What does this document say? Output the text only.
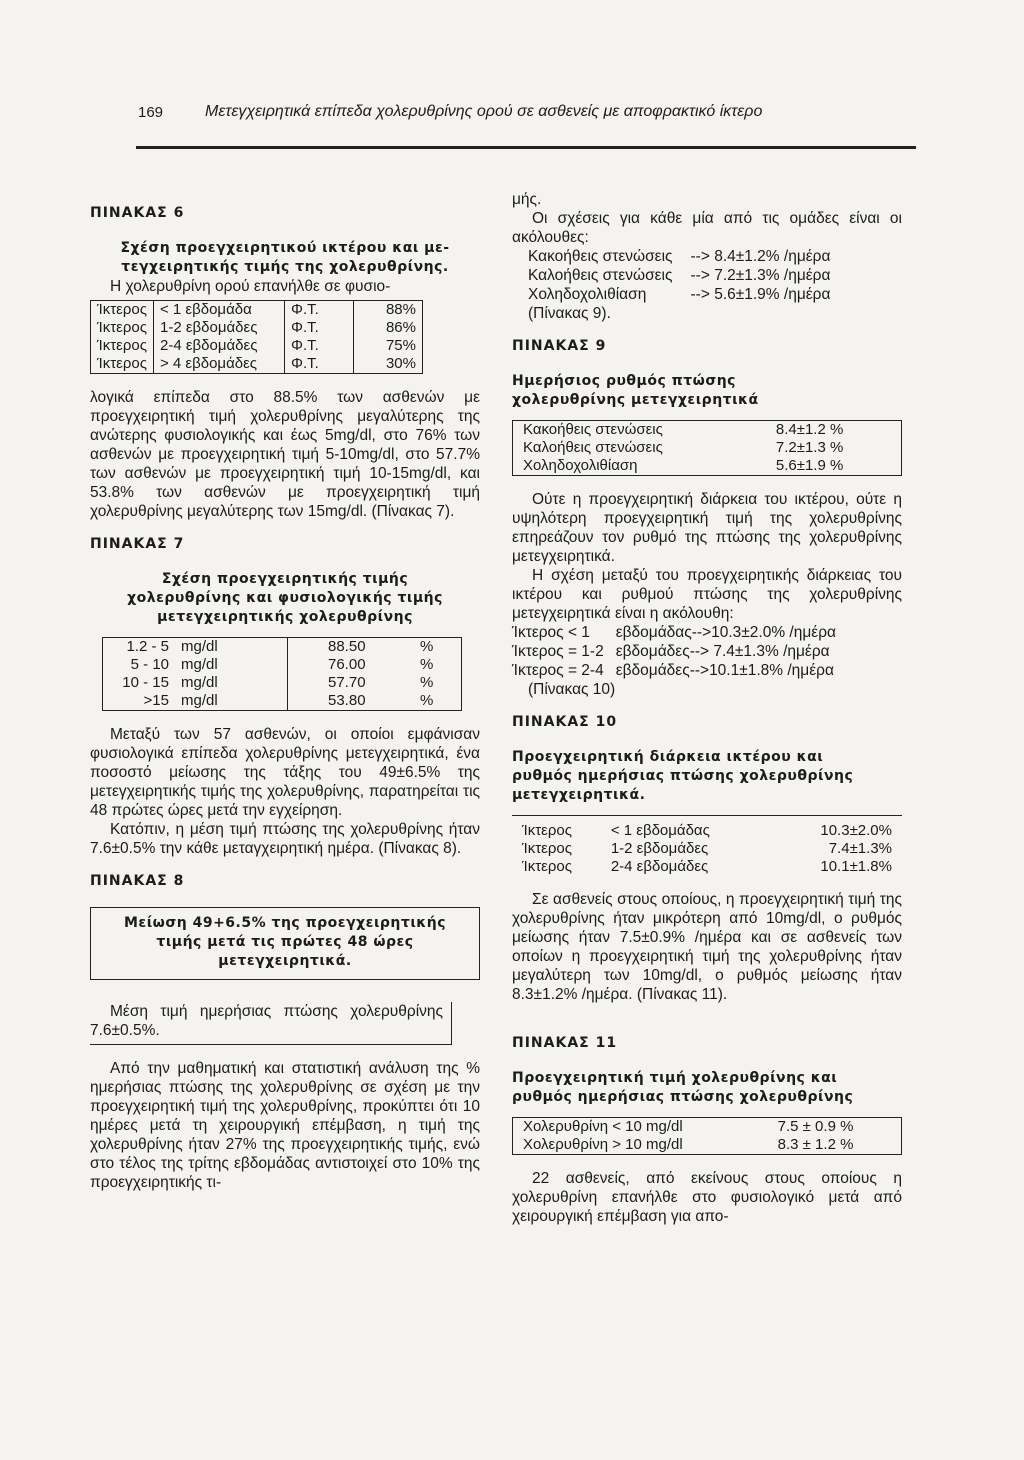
169	Μετεγχειρητικά επίπεδα χολερυθρίνης ορού σε ασθενείς με αποφρακτικό ίκτερο
ΠΙΝΑΚΑΣ 6
Σχέση προεγχειρητικού ικτέρου και με-
τεγχειρητικής τιμής της χολερυθρίνης.

Η χολερυθρίνη ορού επανήλθε σε φυσιο-

Ίκτερος	< 1 εβδομάδα	Φ.Τ.	88%
Ίκτερος	1-2 εβδομάδες	Φ.Τ.	86%
Ίκτερος	2-4 εβδομάδες	Φ.Τ.	75%
Ίκτερος	> 4 εβδομάδες	Φ.Τ.	30%

λογικά επίπεδα στο 88.5% των ασθενών με προεγχειρητική τιμή χολερυθρίνης μεγαλύτερης της ανώτερης φυσιολογικής και έως 5mg/dl, στο 76% των ασθενών με προεγχειρητική τιμή 5-10mg/dl, στο 57.7% των ασθενών με προεγχειρητική τιμή 10-15mg/dl, και 53.8% των ασθενών με προεγχειρητική τιμή χολερυθρίνης μεγαλύτερης των 15mg/dl. (Πίνακας 7).

ΠΙΝΑΚΑΣ 7
Σχέση προεγχειρητικής τιμής
χολερυθρίνης και φυσιολογικής τιμής
μετεγχειρητικής χολερυθρίνης
1.2 - 5	mg/dl	88.50	%
5 - 10	mg/dl	76.00	%
10 - 15	mg/dl	57.70	%
>15	mg/dl	53.80	%

Μεταξύ των 57 ασθενών, οι οποίοι εμφάνισαν φυσιολογικά επίπεδα χολερυθρίνης μετεγχειρητικά, ένα ποσοστό μείωσης της τάξης του 49±6.5% της μετεγχειρητικής τιμής της χολερυθρίνης, παρατηρείται τις 48 πρώτες ώρες μετά την εγχείρηση.

Κατόπιν, η μέση τιμή πτώσης της χολερυθρίνης ήταν 7.6±0.5% την κάθε μεταγχειρητική ημέρα. (Πίνακας 8).

ΠΙΝΑΚΑΣ 8
Μείωση 49+6.5% της προεγχειρητικής
τιμής μετά τις πρώτες 48 ώρες
μετεγχειρητικά.

Μέση τιμή ημερήσιας πτώσης χολερυθρίνης 7.6±0.5%.

Από την μαθηματική και στατιστική ανάλυση της % ημερήσιας πτώσης της χολερυθρίνης σε σχέση με την προεγχειρητική τιμή της χολερυθρίνης, προκύπτει ότι 10 ημέρες μετά τη χειρουργική επέμβαση, η τιμή της χολερυθρίνης ήταν 27% της προεγχειρητικής τιμής, ενώ στο τέλος της τρίτης εβδομάδας αντιστοιχεί στο 10% της προεγχειρητικής τι-

μής.

Οι σχέσεις για κάθε μία από τις ομάδες είναι οι ακόλουθες:

Κακοήθεις στενώσεις	--> 8.4±1.2% /ημέρα
Καλοήθεις στενώσεις	--> 7.2±1.3% /ημέρα
Χοληδοχολιθίαση	--> 5.6±1.9% /ημέρα

(Πίνακας 9).

ΠΙΝΑΚΑΣ 9
Ημερήσιος ρυθμός πτώσης
χολερυθρίνης μετεγχειρητικά
Κακοήθεις στενώσεις	8.4±1.2 %
Καλοήθεις στενώσεις	7.2±1.3 %
Χοληδοχολιθίαση	5.6±1.9 %

Ούτε η προεγχειρητική διάρκεια του ικτέρου, ούτε η υψηλότερη προεγχειρητική τιμή της χολερυθρίνης επηρεάζουν τον ρυθμό της πτώσης της χολερυθρίνης μετεγχειρητικά.

Η σχέση μεταξύ του προεγχειρητικής διάρκειας του ικτέρου και ρυθμού πτώσης της χολερυθρίνης μετεγχειρητικά είναι η ακόλουθη:

Ίκτερος < 1	εβδομάδας-->10.3±2.0% /ημέρα
Ίκτερος = 1-2	εβδομάδες--> 7.4±1.3% /ημέρα
Ίκτερος = 2-4	εβδομάδες-->10.1±1.8% /ημέρα

(Πίνακας 10)

ΠΙΝΑΚΑΣ 10
Προεγχειρητική διάρκεια ικτέρου και
ρυθμός ημερήσιας πτώσης χολερυθρίνης
μετεγχειρητικά.
Ίκτερος	< 1 εβδομάδας	10.3±2.0%
Ίκτερος	1-2 εβδομάδες	7.4±1.3%
Ίκτερος	2-4 εβδομάδες	10.1±1.8%

Σε ασθενείς στους οποίους, η προεγχειρητική τιμή της χολερυθρίνης ήταν μικρότερη από 10mg/dl, ο ρυθμός μείωσης ήταν 7.5±0.9% /ημέρα και σε ασθενείς των οποίων η προεγχειρητική τιμή της χολερυθρίνης ήταν μεγαλύτερη των 10mg/dl, ο ρυθμός μείωσης ήταν 8.3±1.2% /ημέρα. (Πίνακας 11).

ΠΙΝΑΚΑΣ 11
Προεγχειρητική τιμή χολερυθρίνης και
ρυθμός ημερήσιας πτώσης χολερυθρίνης
Χολερυθρίνη < 10 mg/dl	7.5 ± 0.9 %
Χολερυθρίνη > 10 mg/dl	8.3 ± 1.2 %

22 ασθενείς, από εκείνους στους οποίους η χολερυθρίνη επανήλθε στο φυσιολογικό μετά από χειρουργική επέμβαση για απο-
